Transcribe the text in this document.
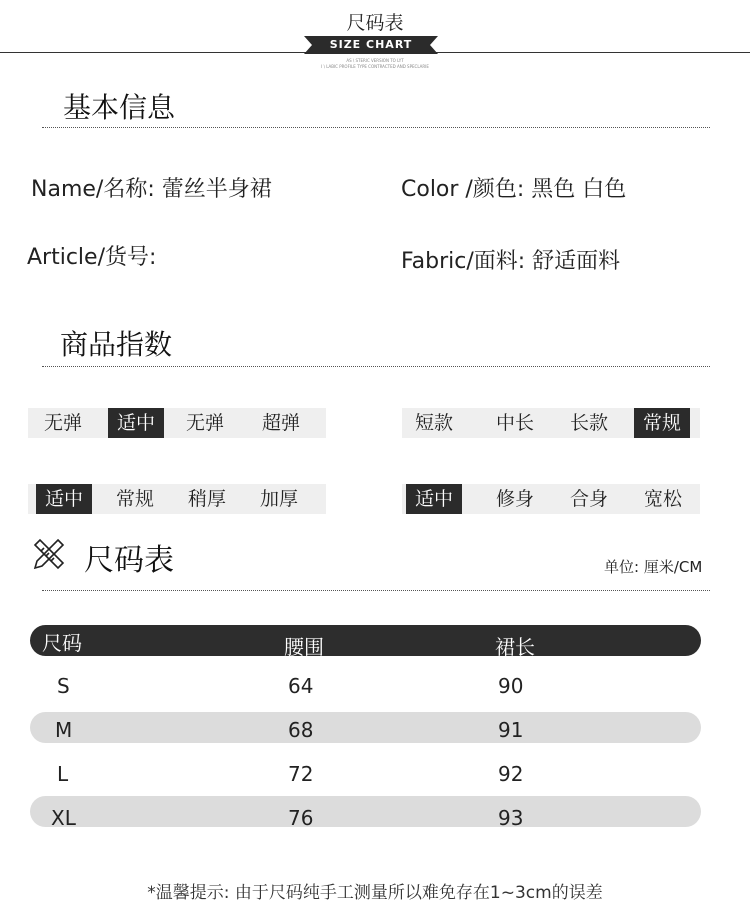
尺码表
SIZE CHART
AS \ STERIC VERSION TO LYT
I \ LABIC PROFILE TYPE CONTRACTED AND SPECLARIE
基本信息
Name/名称: 蕾丝半身裙	Color /颜色: 黑色 白色
Article/货号:	Fabric/面料: 舒适面料
商品指数
无弹	适中	无弹	超弹	短款	中长	长款	常规
适中	常规	稍厚	加厚	适中	修身	合身	宽松
尺码表	单位: 厘米/CM
尺码	腰围	裙长
S	64	90
M	68	91
L	72	92
XL	76	93
*温馨提示: 由于尺码纯手工测量所以难免存在1~3cm的误差
